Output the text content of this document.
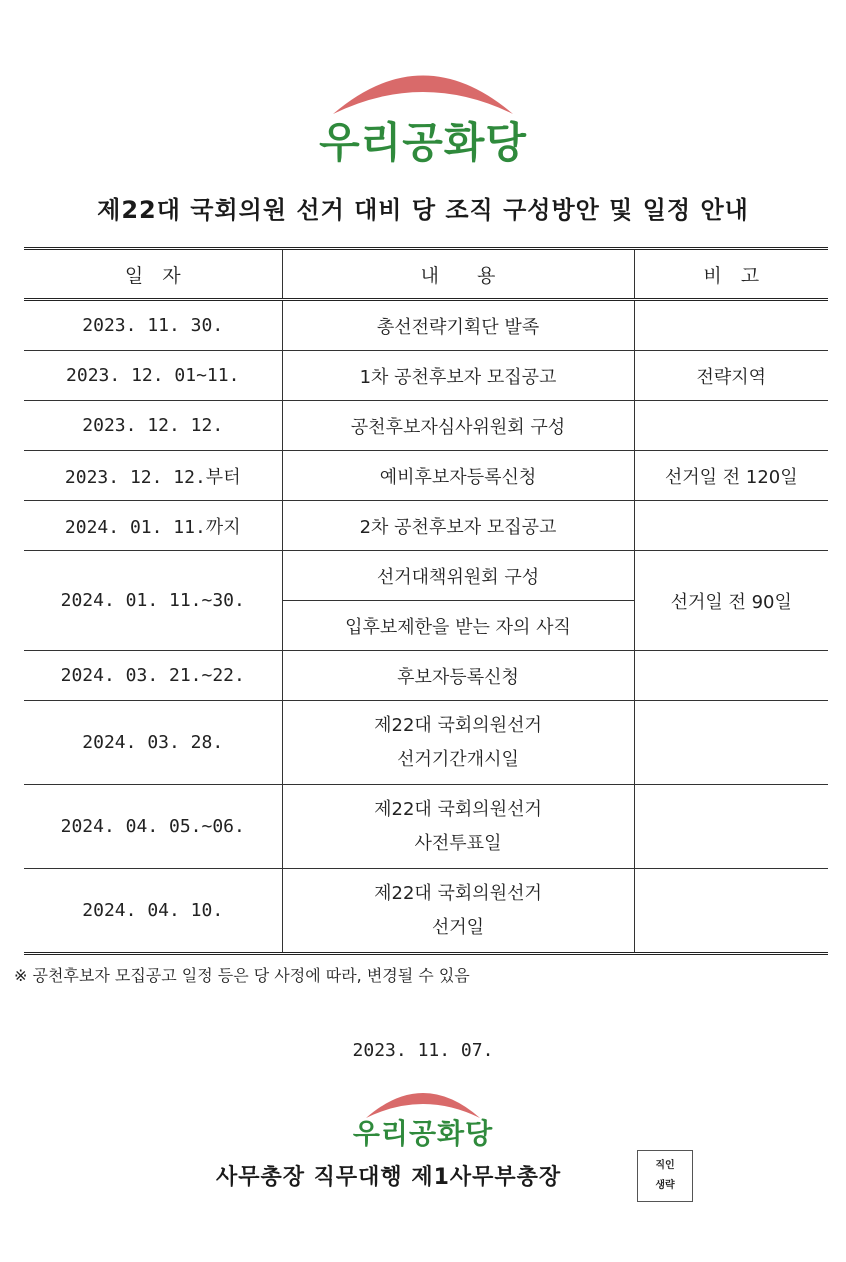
우리공화당
제22대 국회의원 선거 대비 당 조직 구성방안 및 일정 안내
일　자	내　　용	비　고
2023. 11. 30.	총선전략기획단 발족	
2023. 12. 01~11.	1차 공천후보자 모집공고	전략지역
2023. 12. 12.	공천후보자심사위원회 구성	
2023. 12. 12.부터	예비후보자등록신청	선거일 전 120일
2024. 01. 11.까지	2차 공천후보자 모집공고	
2024. 01. 11.~30.	선거대책위원회 구성	선거일 전 90일
	입후보제한을 받는 자의 사직	
2024. 03. 21.~22.	후보자등록신청	
2024. 03. 28.	제22대 국회의원선거
선거기간개시일	

2024. 04. 05.~06.	제22대 국회의원선거
사전투표일	

2024. 04. 10.	제22대 국회의원선거
선거일	

※ 공천후보자 모집공고 일정 등은 당 사정에 따라, 변경될 수 있음
2023. 11. 07.
우리공화당
사무총장 직무대행 제1사무부총장	직인
생략
